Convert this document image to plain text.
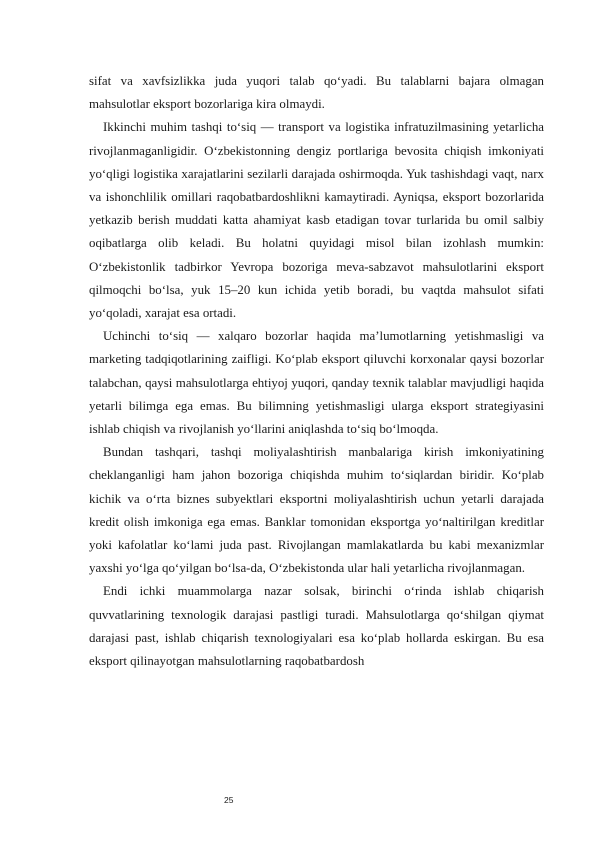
sifat va xavfsizlikka juda yuqori talab qo‘yadi. Bu talablarni bajara olmagan mahsulotlar eksport bozorlariga kira olmaydi.

Ikkinchi muhim tashqi to‘siq — transport va logistika infratuzilmasining yetarlicha rivojlanmaganligidir. O‘zbekistonning dengiz portlariga bevosita chiqish imkoniyati yo‘qligi logistika xarajatlarini sezilarli darajada oshirmoqda. Yuk tashishdagi vaqt, narx va ishonchlilik omillari raqobatbardoshlikni kamaytiradi. Ayniqsa, eksport bozorlarida yetkazib berish muddati katta ahamiyat kasb etadigan tovar turlarida bu omil salbiy oqibatlarga olib keladi. Bu holatni quyidagi misol bilan izohlash mumkin: O‘zbekistonlik tadbirkor Yevropa bozoriga meva-sabzavot mahsulotlarini eksport qilmoqchi bo‘lsa, yuk 15–20 kun ichida yetib boradi, bu vaqtda mahsulot sifati yo‘qoladi, xarajat esa ortadi.

Uchinchi to‘siq — xalqaro bozorlar haqida ma’lumotlarning yetishmasligi va marketing tadqiqotlarining zaifligi. Ko‘plab eksport qiluvchi korxonalar qaysi bozorlar talabchan, qaysi mahsulotlarga ehtiyoj yuqori, qanday texnik talablar mavjudligi haqida yetarli bilimga ega emas. Bu bilimning yetishmasligi ularga eksport strategiyasini ishlab chiqish va rivojlanish yo‘llarini aniqlashda to‘siq bo‘lmoqda.

Bundan tashqari, tashqi moliyalashtirish manbalariga kirish imkoniyatining cheklanganligi ham jahon bozoriga chiqishda muhim to‘siqlardan biridir. Ko‘plab kichik va o‘rta biznes subyektlari eksportni moliyalashtirish uchun yetarli darajada kredit olish imkoniga ega emas. Banklar tomonidan eksportga yo‘naltirilgan kreditlar yoki kafolatlar ko‘lami juda past. Rivojlangan mamlakatlarda bu kabi mexanizmlar yaxshi yo‘lga qo‘yilgan bo‘lsa-da, O‘zbekistonda ular hali yetarlicha rivojlanmagan.

Endi ichki muammolarga nazar solsak, birinchi o‘rinda ishlab chiqarish quvvatlarining texnologik darajasi pastligi turadi. Mahsulotlarga qo‘shilgan qiymat darajasi past, ishlab chiqarish texnologiyalari esa ko‘plab hollarda eskirgan. Bu esa eksport qilinayotgan mahsulotlarning raqobatbardosh

25
